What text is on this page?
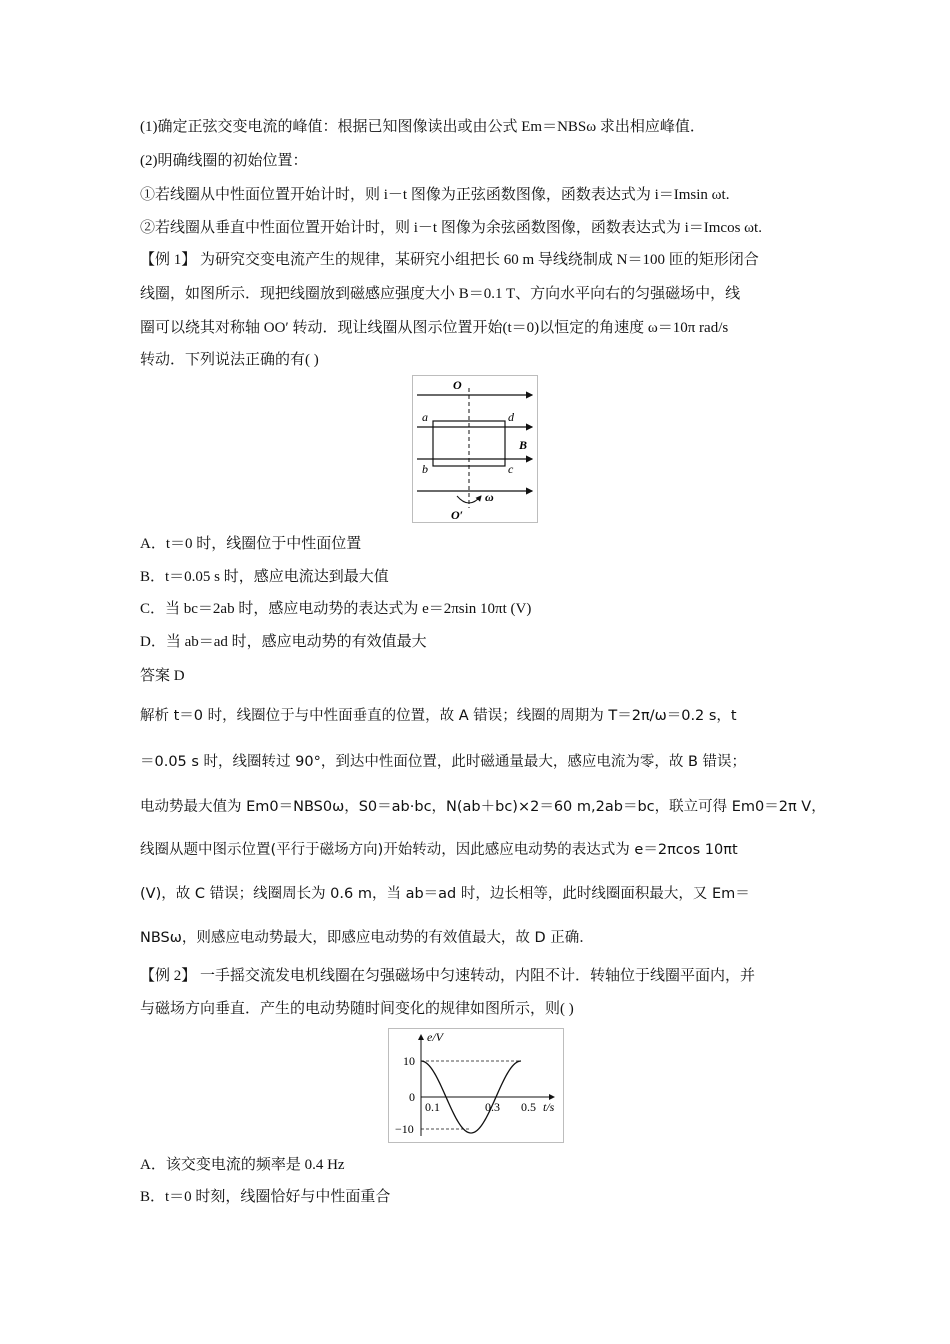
(1)确定正弦交变电流的峰值：根据已知图像读出或由公式 Em＝NBSω 求出相应峰值．
(2)明确线圈的初始位置：
①若线圈从中性面位置开始计时，则 i－t 图像为正弦函数图像，函数表达式为 i＝Imsin ωt.
②若线圈从垂直中性面位置开始计时，则 i－t 图像为余弦函数图像，函数表达式为 i＝Imcos ωt.
【例 1】 为研究交变电流产生的规律，某研究小组把长 60 m 导线绕制成 N＝100 匝的矩形闭合
线圈，如图所示．现把线圈放到磁感应强度大小 B＝0.1 T、方向水平向右的匀强磁场中，线
圈可以绕其对称轴 OO′ 转动．现让线圈从图示位置开始(t＝0)以恒定的角速度 ω＝10π rad/s
转动．下列说法正确的有( )
O
O′
a	d
b	c
B
ω
A．t＝0 时，线圈位于中性面位置
B．t＝0.05 s 时，感应电流达到最大值
C．当 bc＝2ab 时，感应电动势的表达式为 e＝2πsin 10πt (V)
D．当 ab＝ad 时，感应电动势的有效值最大
答案 D
解析 t＝0 时，线圈位于与中性面垂直的位置，故 A 错误；线圈的周期为 T＝2π/ω＝0.2 s，t
＝0.05 s 时，线圈转过 90°，到达中性面位置，此时磁通量最大，感应电流为零，故 B 错误；
电动势最大值为 Em0＝NBS0ω，S0＝ab·bc，N(ab＋bc)×2＝60 m,2ab＝bc，联立可得 Em0＝2π V，
线圈从题中图示位置(平行于磁场方向)开始转动，因此感应电动势的表达式为 e＝2πcos 10πt
(V)，故 C 错误；线圈周长为 0.6 m，当 ab＝ad 时，边长相等，此时线圈面积最大，又 Em＝
NBSω，则感应电动势最大，即感应电动势的有效值最大，故 D 正确．
【例 2】 一手摇交流发电机线圈在匀强磁场中匀速转动，内阻不计．转轴位于线圈平面内，并
与磁场方向垂直．产生的电动势随时间变化的规律如图所示，则( )
e/V
t/s
10
0
−10
0.1	0.3 0.5
A．该交变电流的频率是 0.4 Hz
B．t＝0 时刻，线圈恰好与中性面重合
